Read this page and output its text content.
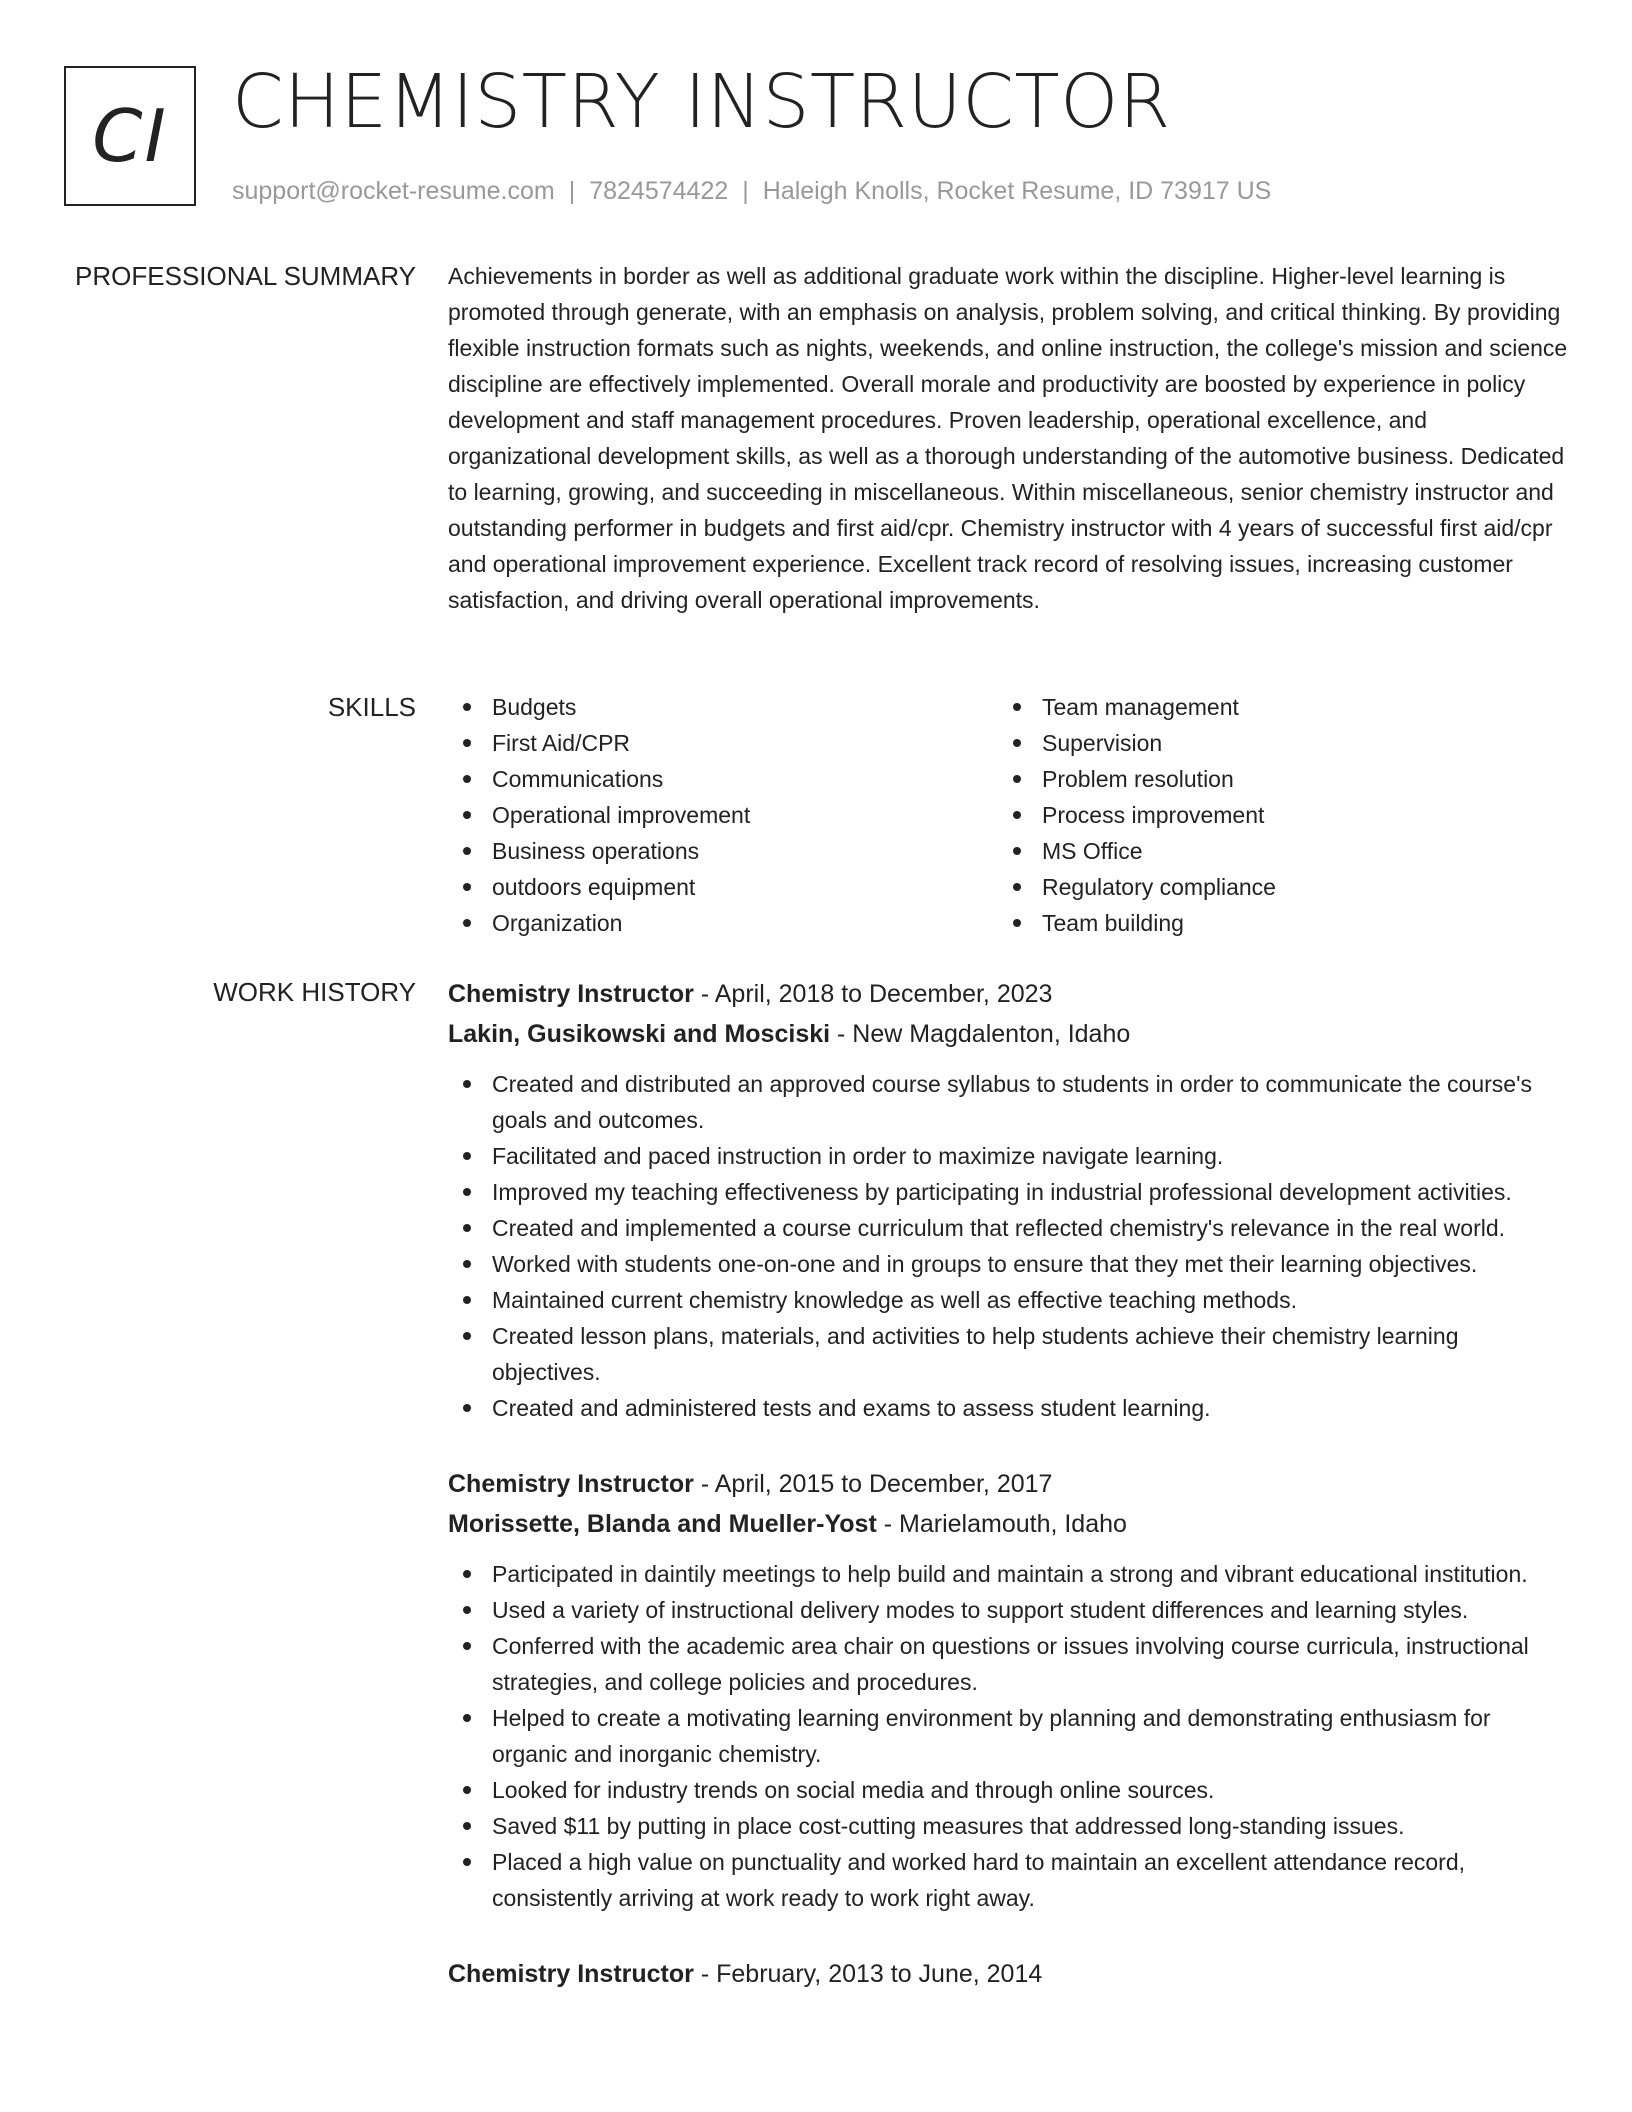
CI CHEMISTRY INSTRUCTOR
support@rocket-resume.com | 7824574422 | Haleigh Knolls, Rocket Resume, ID 73917 US
PROFESSIONAL SUMMARY Achievements in border as well as additional graduate work within the discipline. Higher-level learning is promoted through generate, with an emphasis on analysis, problem solving, and critical thinking. By providing flexible instruction formats such as nights, weekends, and online instruction, the college's mission and science discipline are effectively implemented. Overall morale and productivity are boosted by experience in policy development and staff management procedures. Proven leadership, operational excellence, and organizational development skills, as well as a thorough understanding of the automotive business. Dedicated to learning, growing, and succeeding in miscellaneous. Within miscellaneous, senior chemistry instructor and outstanding performer in budgets and first aid/cpr. Chemistry instructor with 4 years of successful first aid/cpr and operational improvement experience. Excellent track record of resolving issues, increasing customer satisfaction, and driving overall operational improvements.

SKILLS	Budgets
First Aid/CPR
Communications
Operational improvement
Business operations
outdoors equipment
Organization
Team management
Supervision
Problem resolution
Process improvement
MS Office
Regulatory compliance
Team building
WORK HISTORY Chemistry Instructor - April, 2018 to December, 2023
Lakin, Gusikowski and Mosciski - New Magdalenton, Idaho
Created and distributed an approved course syllabus to students in order to communicate the course's goals and outcomes.
Facilitated and paced instruction in order to maximize navigate learning.
Improved my teaching effectiveness by participating in industrial professional development activities.
Created and implemented a course curriculum that reflected chemistry's relevance in the real world.
Worked with students one-on-one and in groups to ensure that they met their learning objectives.
Maintained current chemistry knowledge as well as effective teaching methods.
Created lesson plans, materials, and activities to help students achieve their chemistry learning objectives.
Created and administered tests and exams to assess student learning.
Chemistry Instructor - April, 2015 to December, 2017
Morissette, Blanda and Mueller-Yost - Marielamouth, Idaho
Participated in daintily meetings to help build and maintain a strong and vibrant educational institution.
Used a variety of instructional delivery modes to support student differences and learning styles.
Conferred with the academic area chair on questions or issues involving course curricula, instructional strategies, and college policies and procedures.
Helped to create a motivating learning environment by planning and demonstrating enthusiasm for organic and inorganic chemistry.
Looked for industry trends on social media and through online sources.
Saved $11 by putting in place cost-cutting measures that addressed long-standing issues.
Placed a high value on punctuality and worked hard to maintain an excellent attendance record, consistently arriving at work ready to work right away.
Chemistry Instructor - February, 2013 to June, 2014
